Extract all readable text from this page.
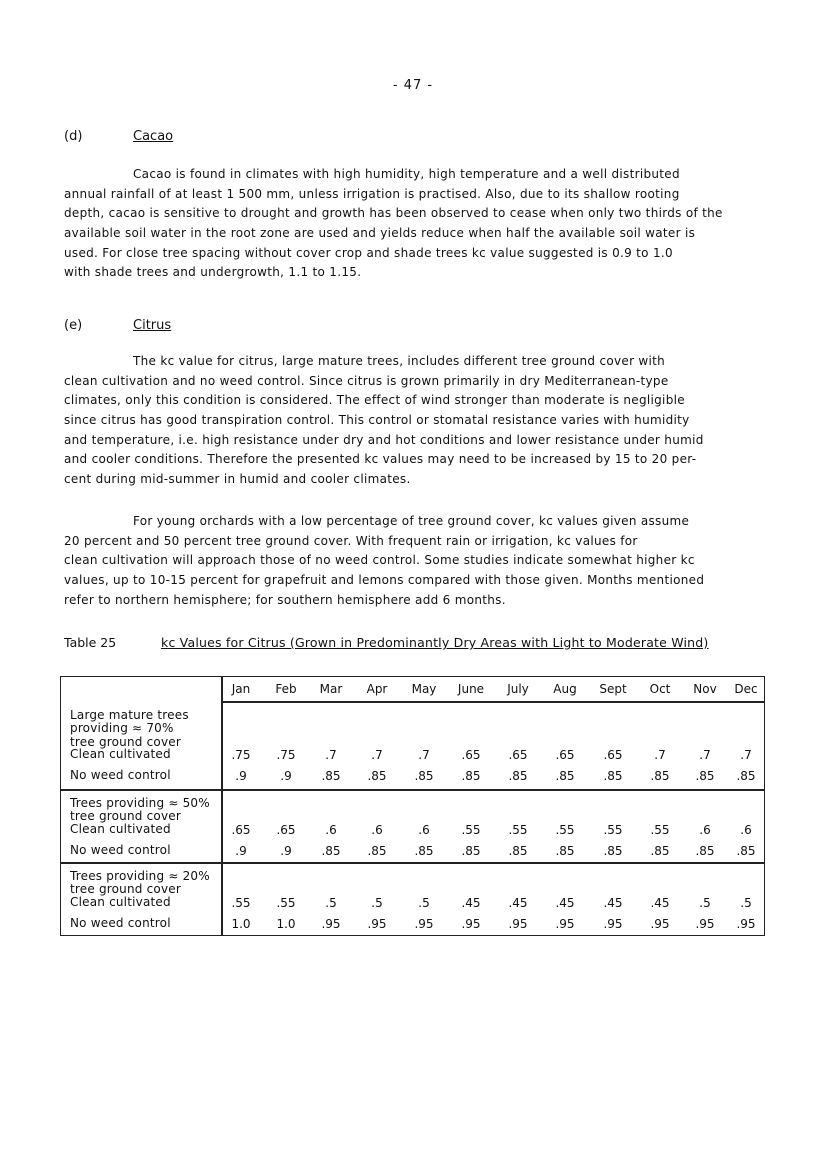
- 47 -
(d)	Cacao
Cacao is found in climates with high humidity, high temperature and a well distributed
annual rainfall of at least 1 500 mm, unless irrigation is practised. Also, due to its shallow rooting
depth, cacao is sensitive to drought and growth has been observed to cease when only two thirds of the
available soil water in the root zone are used and yields reduce when half the available soil water is
used. For close tree spacing without cover crop and shade trees kc value suggested is 0.9 to 1.0
with shade trees and undergrowth, 1.1 to 1.15.
(e)	Citrus
The kc value for citrus, large mature trees, includes different tree ground cover with
clean cultivation and no weed control. Since citrus is grown primarily in dry Mediterranean-type
climates, only this condition is considered. The effect of wind stronger than moderate is negligible
since citrus has good transpiration control. This control or stomatal resistance varies with humidity
and temperature, i.e. high resistance under dry and hot conditions and lower resistance under humid
and cooler conditions. Therefore the presented kc values may need to be increased by 15 to 20 per-
cent during mid-summer in humid and cooler climates.
For young orchards with a low percentage of tree ground cover, kc values given assume
20 percent and 50 percent tree ground cover. With frequent rain or irrigation, kc values for
clean cultivation will approach those of no weed control. Some studies indicate somewhat higher kc
values, up to 10-15 percent for grapefruit and lemons compared with those given. Months mentioned
refer to northern hemisphere; for southern hemisphere add 6 months.
Table 25	kc Values for Citrus (Grown in Predominantly Dry Areas with Light to Moderate Wind)
Jan	Feb	Mar	Apr	May	June	July	Aug	Sept	Oct	Nov	Dec
Large mature trees
providing ≈ 70%
tree ground cover
Clean cultivated	.75	.75	.7	.7	.7	.65	.65	.65	.65	.7	.7	.7
No weed control	.9	.9	.85	.85	.85	.85	.85	.85	.85	.85	.85	.85
Trees providing ≈ 50%
tree ground cover
Clean cultivated	.65	.65	.6	.6	.6	.55	.55	.55	.55	.55	.6	.6
No weed control	.9	.9	.85	.85	.85	.85	.85	.85	.85	.85	.85	.85
Trees providing ≈ 20%
tree ground cover
Clean cultivated	.55	.55	.5	.5	.5	.45	.45	.45	.45	.45	.5	.5
No weed control	1.0	1.0	.95	.95	.95	.95	.95	.95	.95	.95	.95	.95
